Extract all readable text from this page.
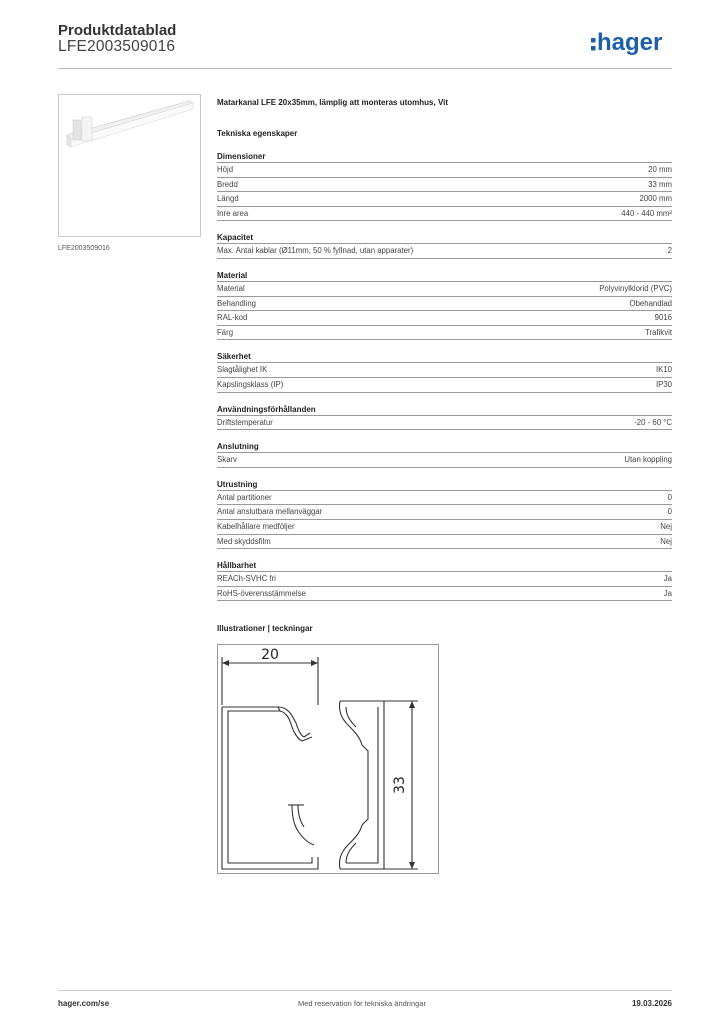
Produktdatablad
LFE2003509016	hager
LFE2003509016
Matarkanal LFE 20x35mm, lämplig att monteras utomhus, Vit
Tekniska egenskaper
Dimensioner
Höjd	20 mm
Bredd	33 mm
Längd	2000 mm
Inre area	440 - 440 mm²
Kapacitet
Max. Antal kablar (Ø11mm, 50 % fyllnad, utan apparater)	2
Material
Material	Polyvinylklorid (PVC)
Behandling	Obehandlad
RAL-kod	9016
Färg	Trafikvit
Säkerhet
Slagtålighet IK	IK10
Kapslingsklass (IP)	IP30
Användningsförhållanden
Driftstemperatur	-20 - 60 °C
Anslutning
Skarv	Utan koppling
Utrustning
Antal partitioner	0
Antal anslutbara mellanväggar	0
Kabelhållare medföljer	Nej
Med skyddsfilm	Nej
Hållbarhet
REACh-SVHC fri	Ja
RoHS-överensstämmelse	Ja
Illustrationer | teckningar
20
33
hager.com/se	Med reservation för tekniska ändringar	19.03.2026
